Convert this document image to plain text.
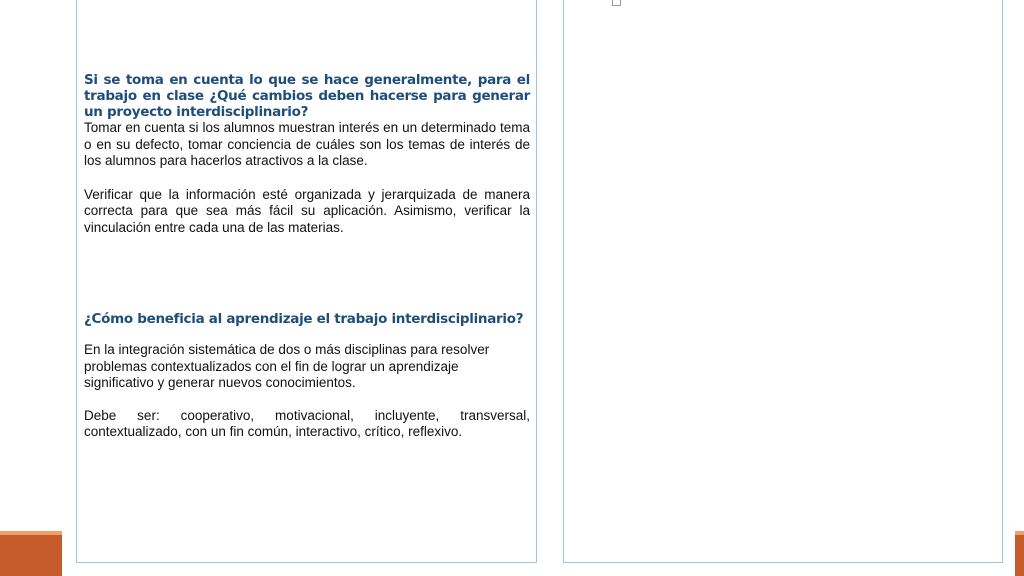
Si se toma en cuenta lo que se hace generalmente, para el trabajo en clase ¿Qué cambios deben hacerse para generar un proyecto interdisciplinario?

Tomar en cuenta si los alumnos muestran interés en un determinado tema o en su defecto, tomar conciencia de cuáles son los temas de interés de los alumnos para hacerlos atractivos a la clase.

Verificar que la información esté organizada y jerarquizada de manera correcta para que sea más fácil su aplicación. Asimismo, verificar la vinculación entre cada una de las materias.

¿Cómo beneficia al aprendizaje el trabajo interdisciplinario?

En la integración sistemática de dos o más disciplinas para resolver problemas contextualizados con el fin de lograr un aprendizaje significativo y generar nuevos conocimientos.

Debe ser: cooperativo, motivacional, incluyente, transversal, contextualizado, con un fin común, interactivo, crítico, reflexivo.
